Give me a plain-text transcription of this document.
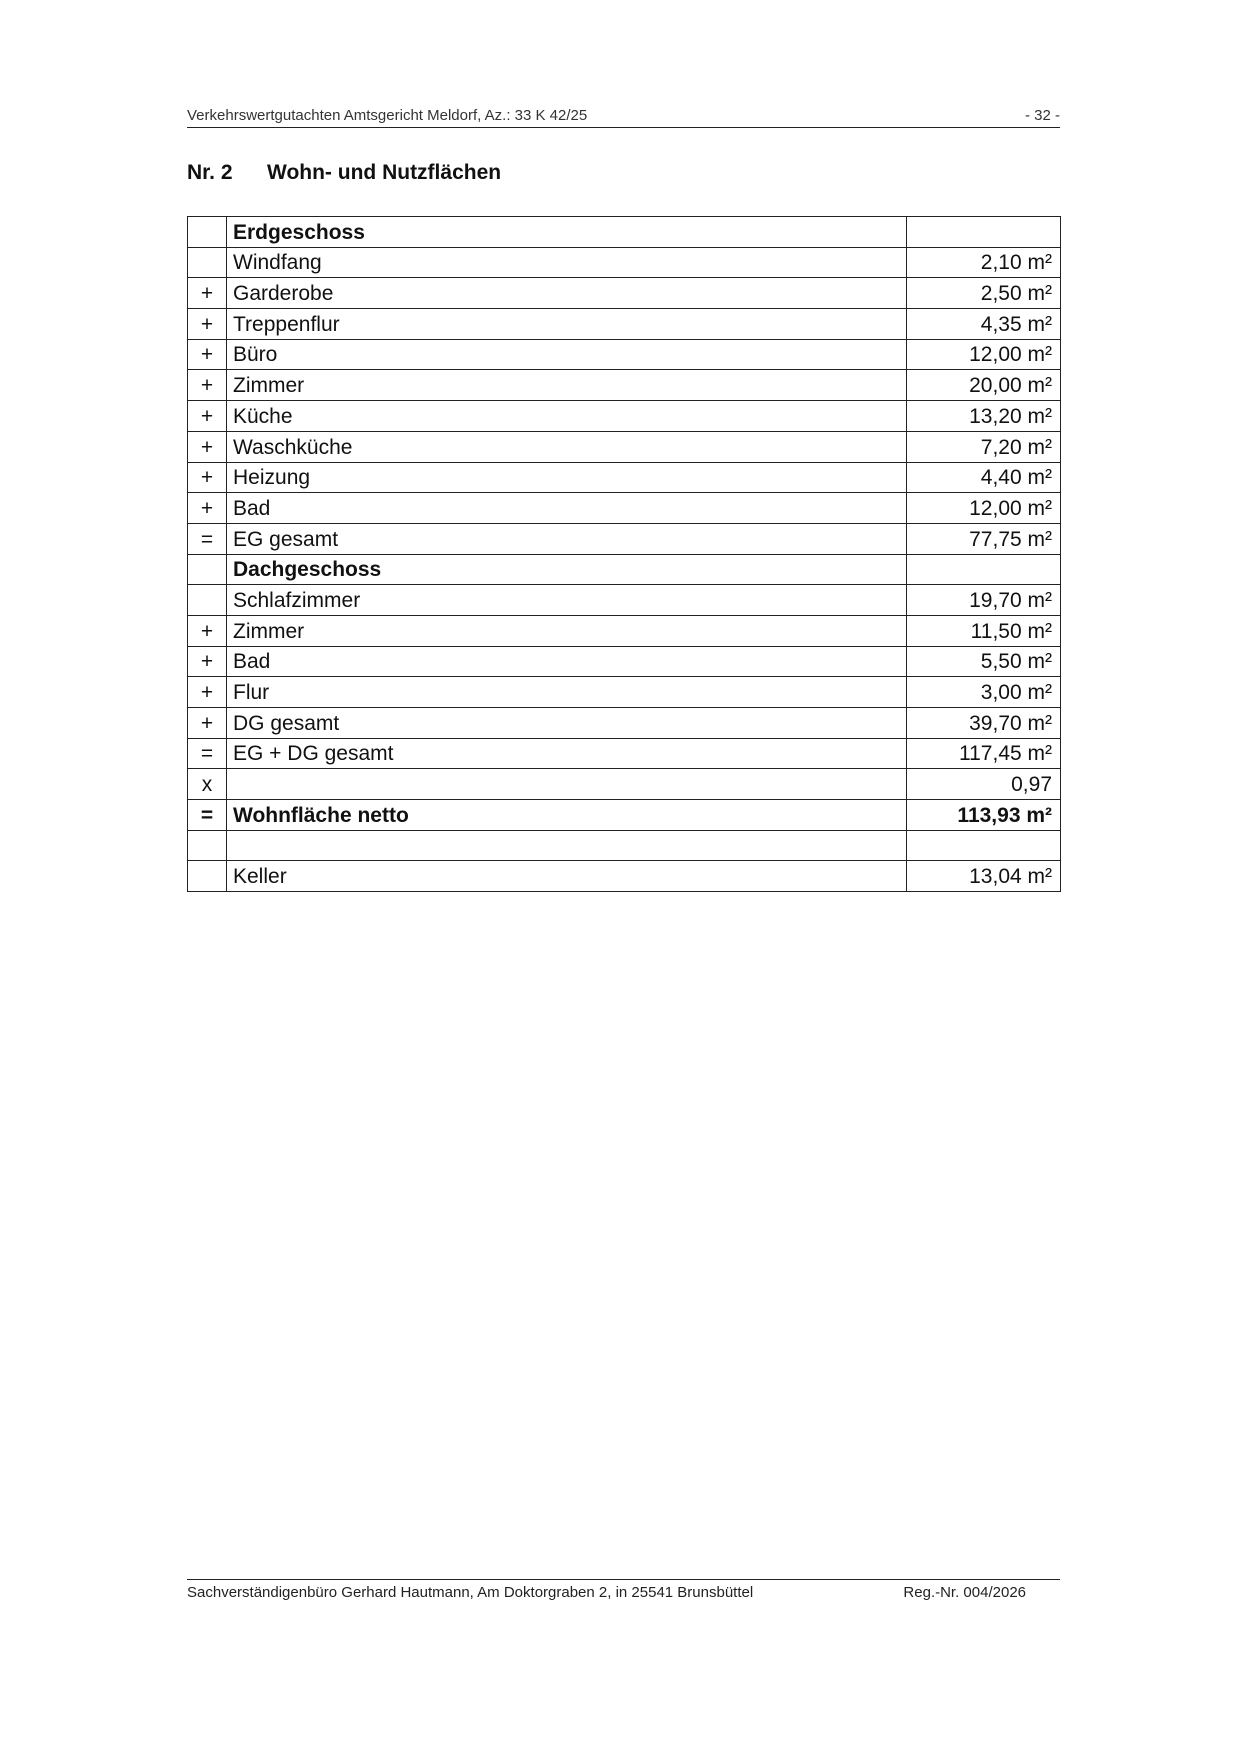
Verkehrswertgutachten Amtsgericht Meldorf, Az.: 33 K 42/25	- 32 -
Nr. 2 Wohn- und Nutzflächen
	Erdgeschoss	
	Windfang	2,10 m²
+	Garderobe	2,50 m²
+	Treppenflur	4,35 m²
+	Büro	12,00 m²
+	Zimmer	20,00 m²
+	Küche	13,20 m²
+	Waschküche	7,20 m²
+	Heizung	4,40 m²
+	Bad	12,00 m²
=	EG gesamt	77,75 m²
	Dachgeschoss	
	Schlafzimmer	19,70 m²
+	Zimmer	11,50 m²
+	Bad	5,50 m²
+	Flur	3,00 m²
+	DG gesamt	39,70 m²
=	EG + DG gesamt	117,45 m²
x		0,97
=	Wohnfläche netto	113,93 m²

	Keller	13,04 m²
Sachverständigenbüro Gerhard Hautmann, Am Doktorgraben 2, in 25541 Brunsbüttel	Reg.-Nr. 004/2026
